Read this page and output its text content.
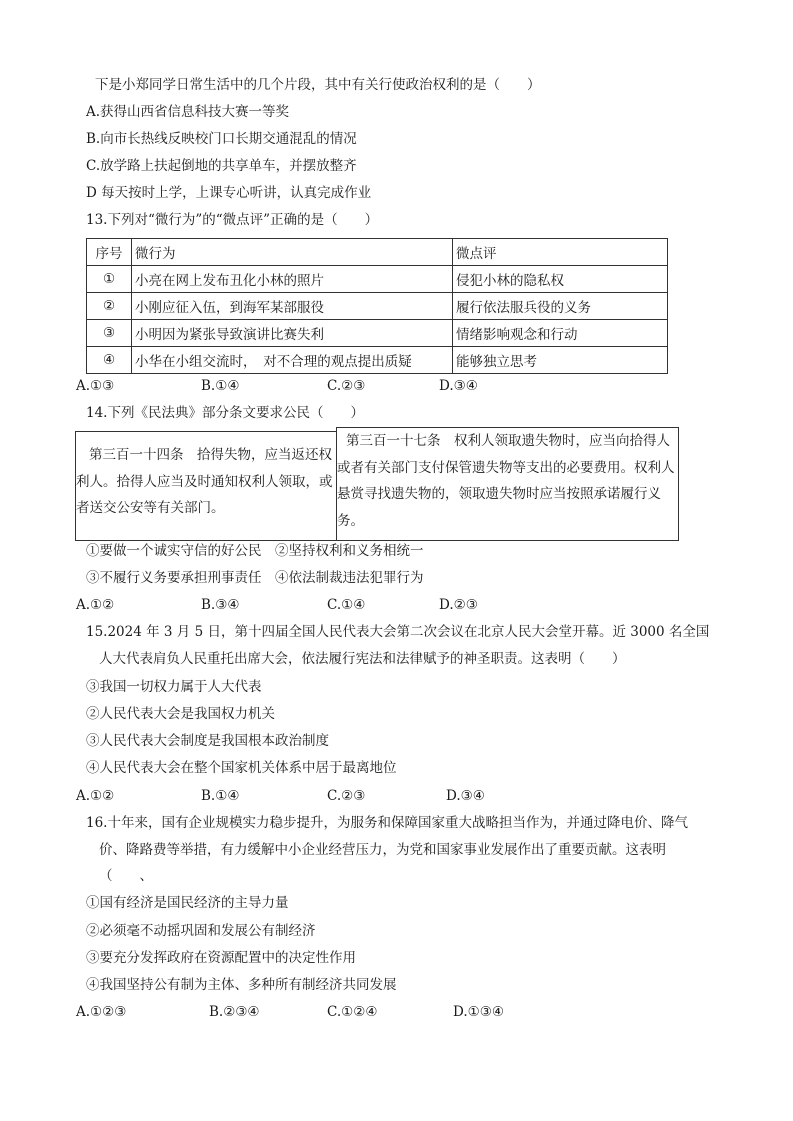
下是小郑同学日常生活中的几个片段，其中有关行使政治权利的是（　　）
A.获得山西省信息科技大赛一等奖
B.向市长热线反映校门口长期交通混乱的情况
C.放学路上扶起倒地的共享单车，并摆放整齐
D 每天按时上学，上课专心听讲，认真完成作业
13.下列对“微行为”的“微点评”正确的是（　　）
序号	微行为	微点评
①	小亮在网上发布丑化小林的照片	侵犯小林的隐私权
②	小刚应征入伍，到海军某部服役	履行依法服兵役的义务
③	小明因为紧张导致演讲比赛失利	情绪影响观念和行动
④	小华在小组交流时，　对不合理的观点提出质疑	能够独立思考
A.①③	B.①④	C.②③	D.③④
14.下列《民法典》部分条文要求公民（　　）
第三百一十四条　拾得失物，应当返还权利人。拾得人应当及时通知权利人领取，或者送交公安等有关部门。
第三百一十七条　权利人领取遗失物时，应当向拾得人或者有关部门支付保管遗失物等支出的必要费用。权利人悬赏寻找遗失物的，领取遗失物时应当按照承诺履行义务。
①要做一个诚实守信的好公民　②坚持权利和义务相统一
③不履行义务要承担刑事责任　④依法制裁违法犯罪行为
A.①②	B.③④	C.①④	D.②③
15.2024 年 3 月 5 日，第十四届全国人民代表大会第二次会议在北京人民大会堂开幕。近 3000 名全国
人大代表肩负人民重托出席大会，依法履行宪法和法律赋予的神圣职责。这表明（　　）
③我国一切权力属于人大代表
②人民代表大会是我国权力机关
③人民代表大会制度是我国根本政治制度
④人民代表大会在整个国家机关体系中居于最离地位
A.①②	B.①④	C.②③	D.③④
16.十年来，国有企业规模实力稳步提升，为服务和保障国家重大战略担当作为，并通过降电价、降气
价、降路费等举措，有力缓解中小企业经营压力，为党和国家事业发展作出了重要贡献。这表明
（　　、
①国有经济是国民经济的主导力量
②必须毫不动摇巩固和发展公有制经济
③要充分发挥政府在资源配置中的决定性作用
④我国坚持公有制为主体、多种所有制经济共同发展
A.①②③	B.②③④	C.①②④	D.①③④
